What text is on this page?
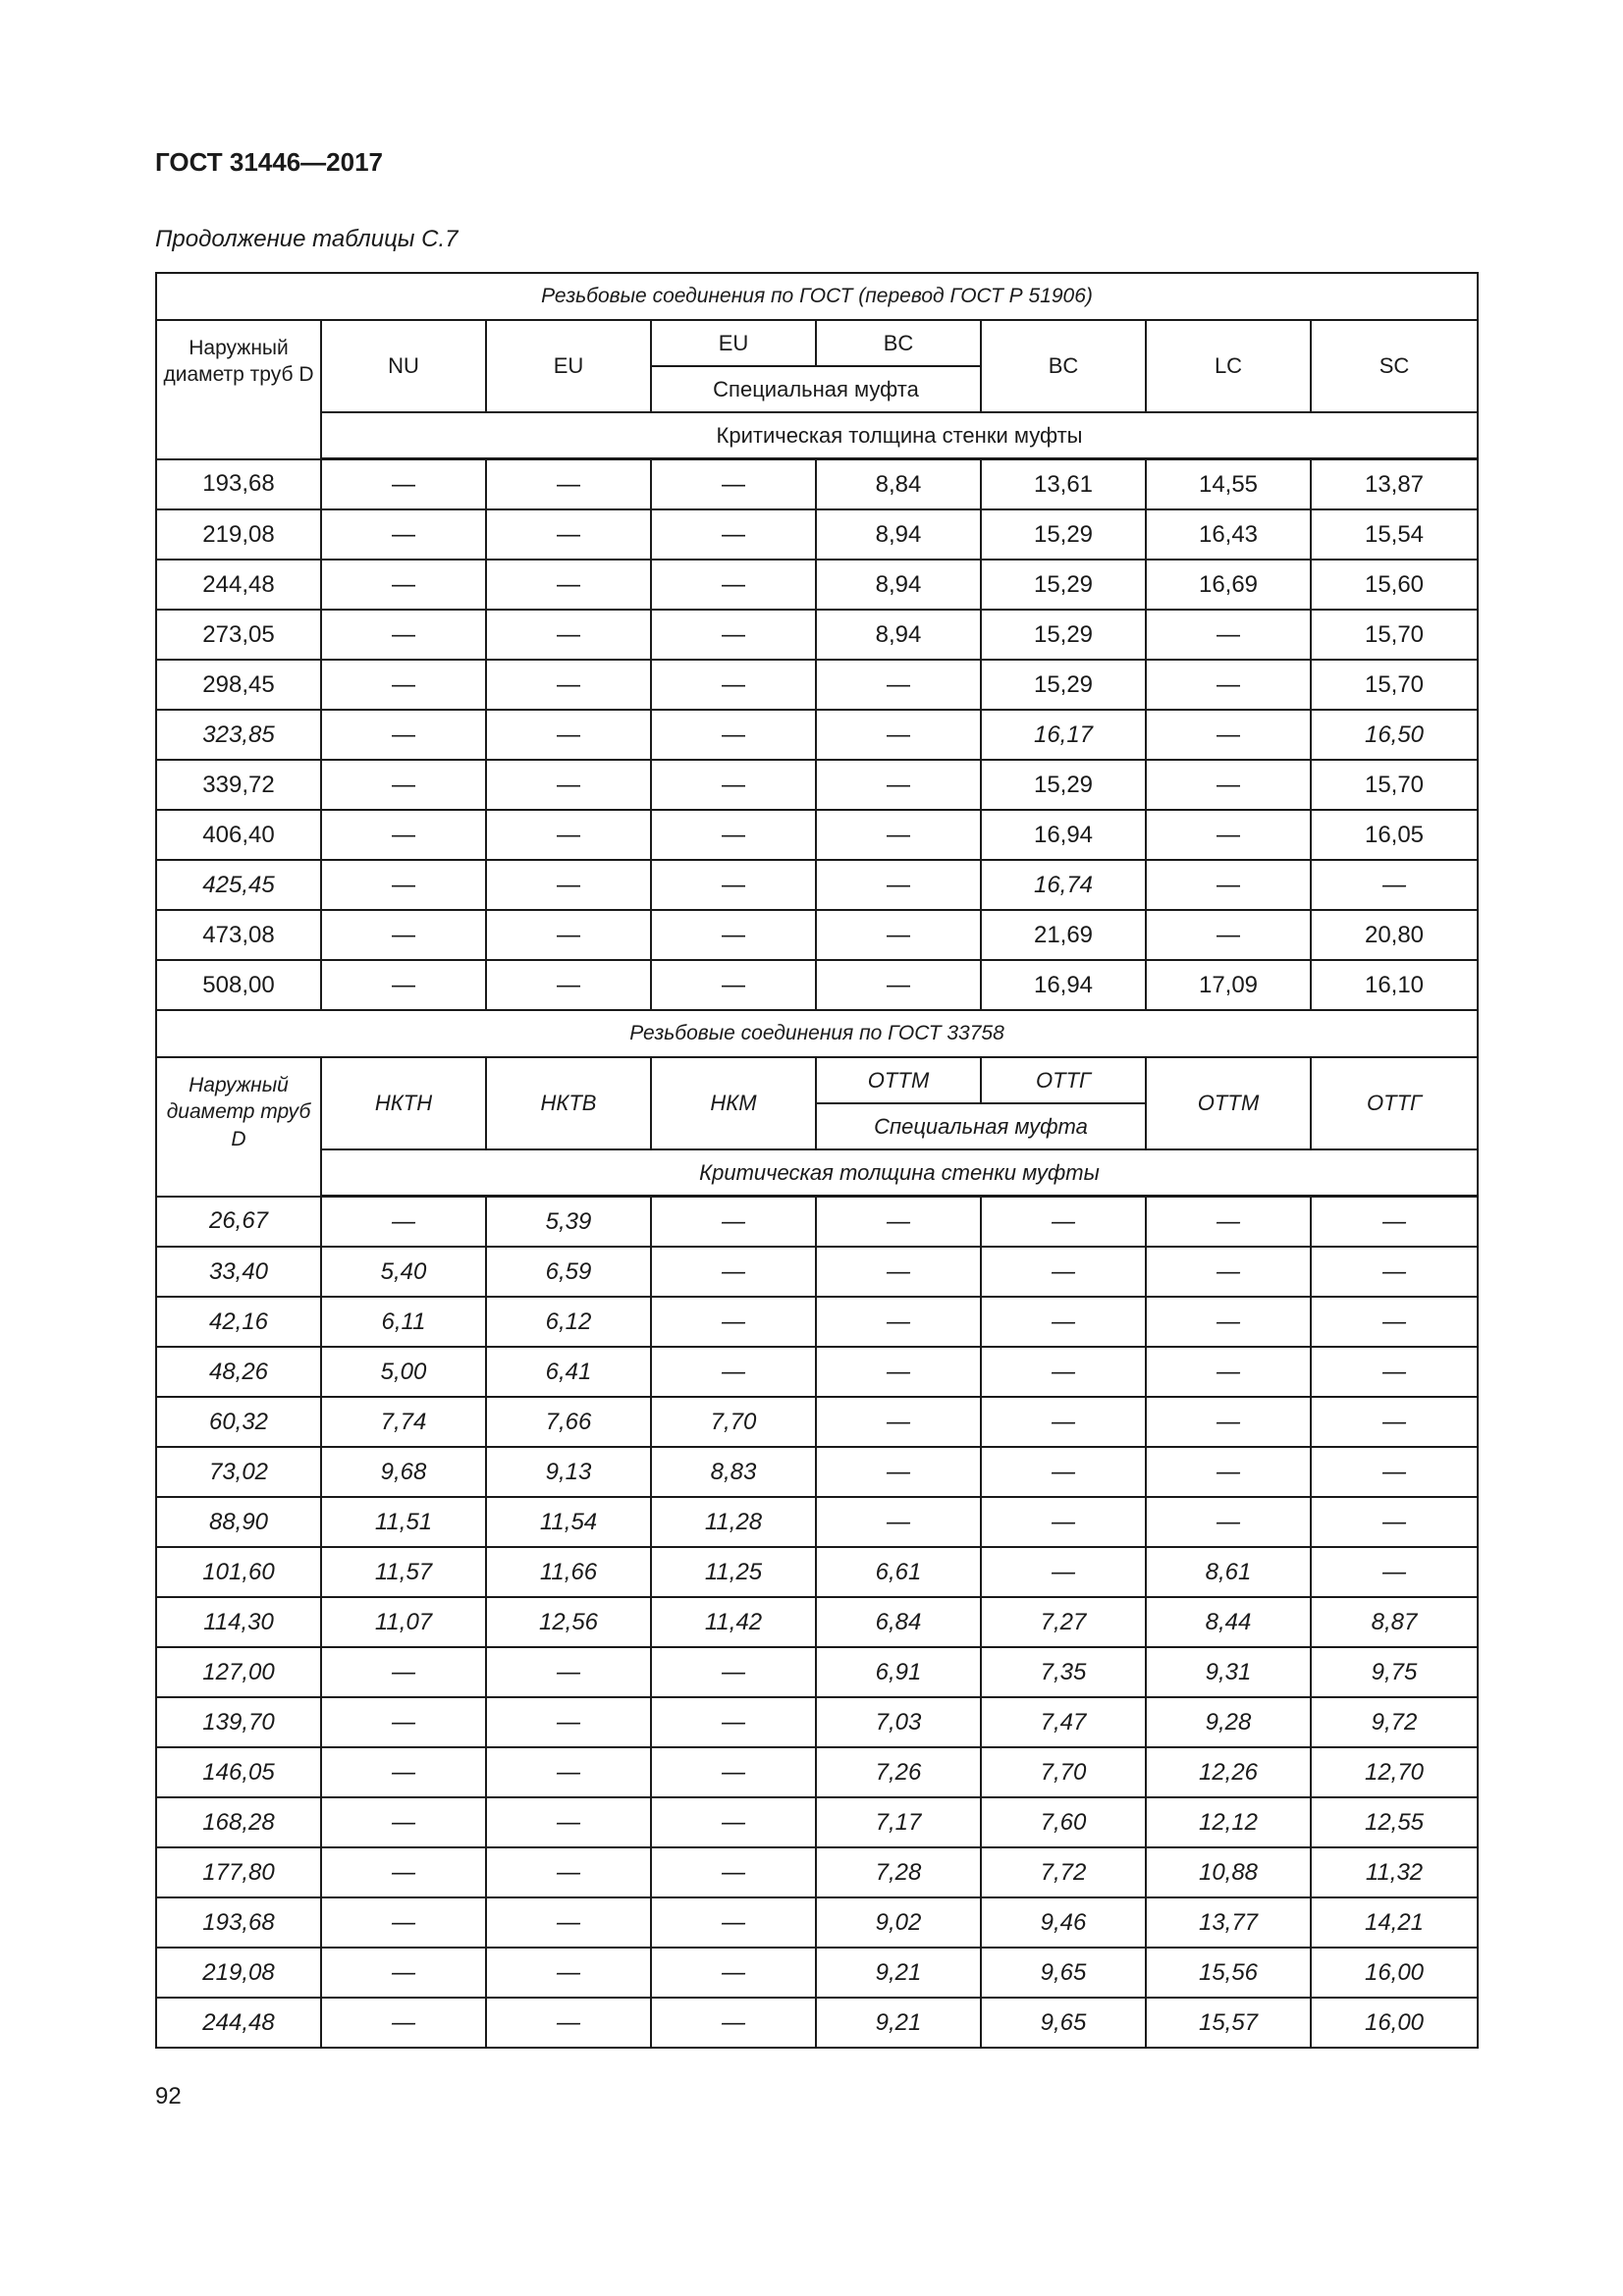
ГОСТ 31446—2017
Продолжение таблицы С.7
Резьбовые соединения по ГОСТ (перевод ГОСТ Р 51906)							
Наружный диаметр труб D	NU	EU	EU	BC	BC	LC	SC
			Специальная муфта				
	Критическая толщина стенки муфты						
193,68	—	—	—	8,84	13,61	14,55	13,87
219,08	—	—	—	8,94	15,29	16,43	15,54
244,48	—	—	—	8,94	15,29	16,69	15,60
273,05	—	—	—	8,94	15,29	—	15,70
298,45	—	—	—	—	15,29	—	15,70
323,85	—	—	—	—	16,17	—	16,50
339,72	—	—	—	—	15,29	—	15,70
406,40	—	—	—	—	16,94	—	16,05
425,45	—	—	—	—	16,74	—	—
473,08	—	—	—	—	21,69	—	20,80
508,00	—	—	—	—	16,94	17,09	16,10
Резьбовые соединения по ГОСТ 33758							
Наружный диаметр труб D	НКТН	НКТВ	НКМ	ОТТМ	ОТТГ	ОТТМ	ОТТГ
				Специальная муфта			
	Критическая толщина стенки муфты						
26,67	—	5,39	—	—	—	—	—
33,40	5,40	6,59	—	—	—	—	—
42,16	6,11	6,12	—	—	—	—	—
48,26	5,00	6,41	—	—	—	—	—
60,32	7,74	7,66	7,70	—	—	—	—
73,02	9,68	9,13	8,83	—	—	—	—
88,90	11,51	11,54	11,28	—	—	—	—
101,60	11,57	11,66	11,25	6,61	—	8,61	—
114,30	11,07	12,56	11,42	6,84	7,27	8,44	8,87
127,00	—	—	—	6,91	7,35	9,31	9,75
139,70	—	—	—	7,03	7,47	9,28	9,72
146,05	—	—	—	7,26	7,70	12,26	12,70
168,28	—	—	—	7,17	7,60	12,12	12,55
177,80	—	—	—	7,28	7,72	10,88	11,32
193,68	—	—	—	9,02	9,46	13,77	14,21
219,08	—	—	—	9,21	9,65	15,56	16,00
244,48	—	—	—	9,21	9,65	15,57	16,00
92
